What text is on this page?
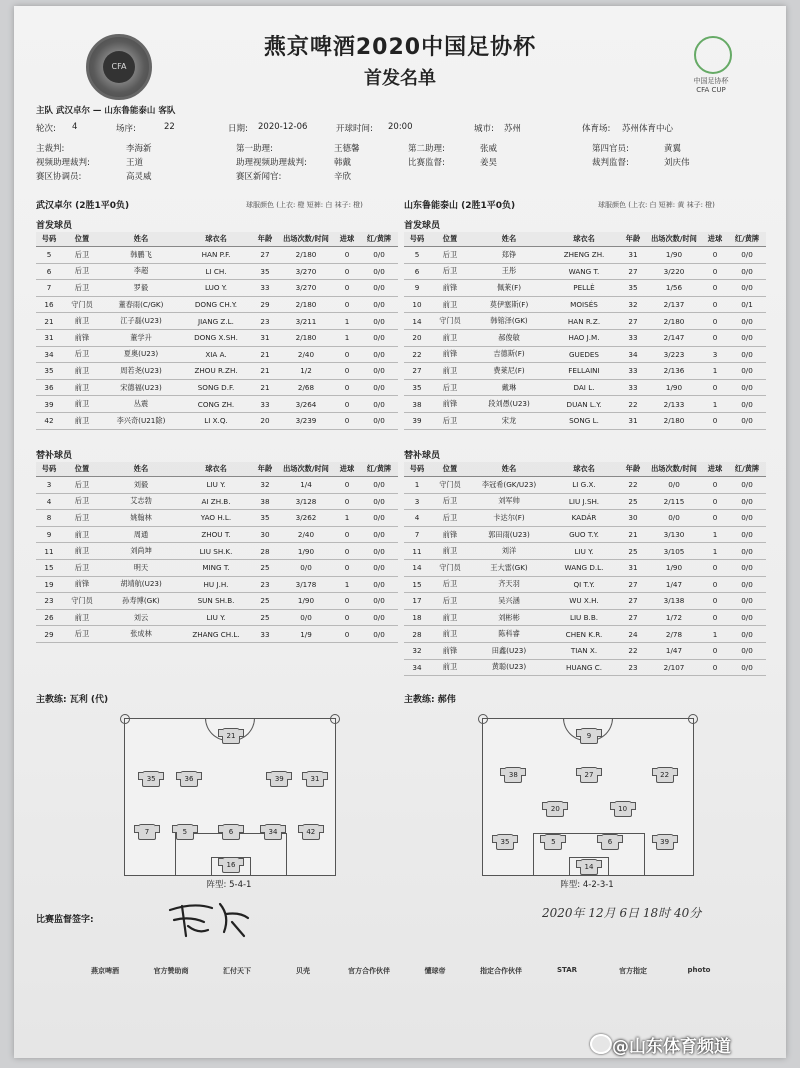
CFA
中国足协杯 CFA CUP
燕京啤酒2020中国足协杯
首发名单
主队 武汉卓尔 — 山东鲁能泰山 客队
轮次: 4	场序:	22	日期: 2020-12-06	开球时间: 20:00	城市: 苏州	体育场: 苏州体育中心
主裁判:	李海新	第一助理:	王德馨	第二助理:	张威	第四官员:	黄翼
视频助理裁判:	王道	助理视频助理裁判:	韩戴	比赛监督:	姜昊	裁判监督:	刘庆伟
赛区协调员:	高灵威	赛区新闻官:	辛欣
武汉卓尔 (2胜1平0负)	球服颜色 (上衣: 橙 短裤: 白 袜子: 橙)
首发球员
号码	位置	姓名	球衣名	年龄	出场次数/时间	进球	红/黄牌
5	后卫	韩鹏飞	HAN P.F.	27	2/180	0	0/0
6	后卫	李超	LI CH.	35	3/270	0	0/0
7	后卫	罗毅	LUO Y.	33	3/270	0	0/0
16	守门员	董春雨(C/GK)	DONG CH.Y.	29	2/180	0	0/0
21	前卫	江子磊(U23)	JIANG Z.L.	23	3/211	1	0/0
31	前锋	董学升	DONG X.SH.	31	2/180	1	0/0
34	后卫	夏奥(U23)	XIA A.	21	2/40	0	0/0
35	前卫	周若尧(U23)	ZHOU R.ZH.	21	1/2	0	0/0
36	前卫	宋德福(U23)	SONG D.F.	21	2/68	0	0/0
39	前卫	丛震	CONG ZH.	33	3/264	0	0/0
42	前卫	李兴奇(U21除)	LI X.Q.	20	3/239	0	0/0
替补球员
号码	位置	姓名	球衣名	年龄	出场次数/时间	进球	红/黄牌
3	后卫	刘毅	LIU Y.	32	1/4	0	0/0
4	后卫	艾志勃	AI ZH.B.	38	3/128	0	0/0
8	后卫	姚翰林	YAO H.L.	35	3/262	1	0/0
9	前卫	周通	ZHOU T.	30	2/40	0	0/0
11	前卫	刘尚坤	LIU SH.K.	28	1/90	0	0/0
15	后卫	明天	MING T.	25	0/0	0	0/0
19	前锋	胡靖航(U23)	HU J.H.	23	3/178	1	0/0
23	守门员	孙寿博(GK)	SUN SH.B.	25	1/90	0	0/0
26	前卫	刘云	LIU Y.	25	0/0	0	0/0
29	后卫	张成林	ZHANG CH.L.	33	1/9	0	0/0
山东鲁能泰山 (2胜1平0负)	球服颜色 (上衣: 白 短裤: 黄 袜子: 橙)
首发球员
号码	位置	姓名	球衣名	年龄	出场次数/时间	进球	红/黄牌
5	后卫	郑铮	ZHENG ZH.	31	1/90	0	0/0
6	后卫	王彤	WANG T.	27	3/220	0	0/0
9	前锋	佩莱(F)	PELLÈ	35	1/56	0	0/0
10	前卫	莫伊塞斯(F)	MOISÉS	32	2/137	0	0/1
14	守门员	韩镕泽(GK)	HAN R.Z.	27	2/180	0	0/0
20	前卫	郝俊敏	HAO J.M.	33	2/147	0	0/0
22	前锋	吉德斯(F)	GUEDES	34	3/223	3	0/0
27	前卫	费莱尼(F)	FELLAINI	33	2/136	1	0/0
35	后卫	戴琳	DAI L.	33	1/90	0	0/0
38	前锋	段刘愚(U23)	DUAN L.Y.	22	2/133	1	0/0
39	后卫	宋龙	SONG L.	31	2/180	0	0/0
替补球员
号码	位置	姓名	球衣名	年龄	出场次数/时间	进球	红/黄牌
1	守门员	李冠希(GK/U23)	LI G.X.	22	0/0	0	0/0
3	后卫	刘军帅	LIU J.SH.	25	2/115	0	0/0
4	后卫	卡达尔(F)	KADÁR	30	0/0	0	0/0
7	前锋	郭田雨(U23)	GUO T.Y.	21	3/130	1	0/0
11	前卫	刘洋	LIU Y.	25	3/105	1	0/0
14	守门员	王大雷(GK)	WANG D.L.	31	1/90	0	0/0
15	后卫	齐天羽	QI T.Y.	27	1/47	0	0/0
17	后卫	吴兴涵	WU X.H.	27	3/138	0	0/0
18	前卫	刘彬彬	LIU B.B.	27	1/72	0	0/0
28	前卫	陈科睿	CHEN K.R.	24	2/78	1	0/0
32	前锋	田鑫(U23)	TIAN X.	22	1/47	0	0/0
34	前卫	黄聪(U23)	HUANG C.	23	2/107	0	0/0
主教练: 瓦利 (代)	主教练: 郝伟
21
35	36	39	31
7	5	6	34	42
16
阵型: 5-4-1
9
38	27	22
20	10
35	5	6	39
14
阵型: 4-2-3-1
比赛监督签字:	2020年 12月 6日 18时 40分
燕京啤酒	官方赞助商	汇付天下	贝壳	官方合作伙伴	懂球帝	指定合作伙伴	STAR	官方指定	photo
@山东体育频道
